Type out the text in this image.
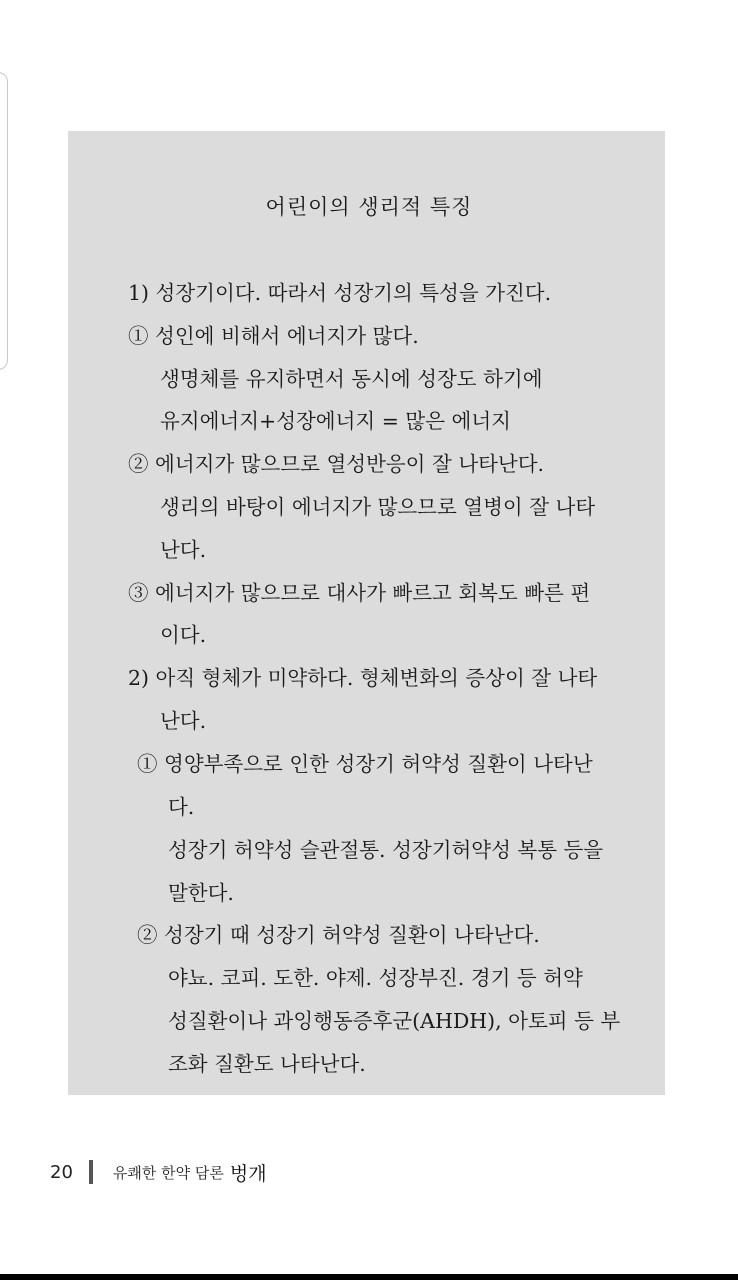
어린이의 생리적 특징
1) 성장기이다. 따라서 성장기의 특성을 가진다.
① 성인에 비해서 에너지가 많다.
생명체를 유지하면서 동시에 성장도 하기에
유지에너지+성장에너지 = 많은 에너지
② 에너지가 많으므로 열성반응이 잘 나타난다.
생리의 바탕이 에너지가 많으므로 열병이 잘 나타
난다.
③ 에너지가 많으므로 대사가 빠르고 회복도 빠른 편
이다.
2) 아직 형체가 미약하다. 형체변화의 증상이 잘 나타
난다.
① 영양부족으로 인한 성장기 허약성 질환이 나타난
다.
성장기 허약성 슬관절통. 성장기허약성 복통 등을
말한다.
② 성장기 때 성장기 허약성 질환이 나타난다.
야뇨. 코피. 도한. 야제. 성장부진. 경기 등 허약
성질환이나 과잉행동증후군(AHDH), 아토피 등 부
조화 질환도 나타난다.
20	유쾌한 한약 담론 벙개
